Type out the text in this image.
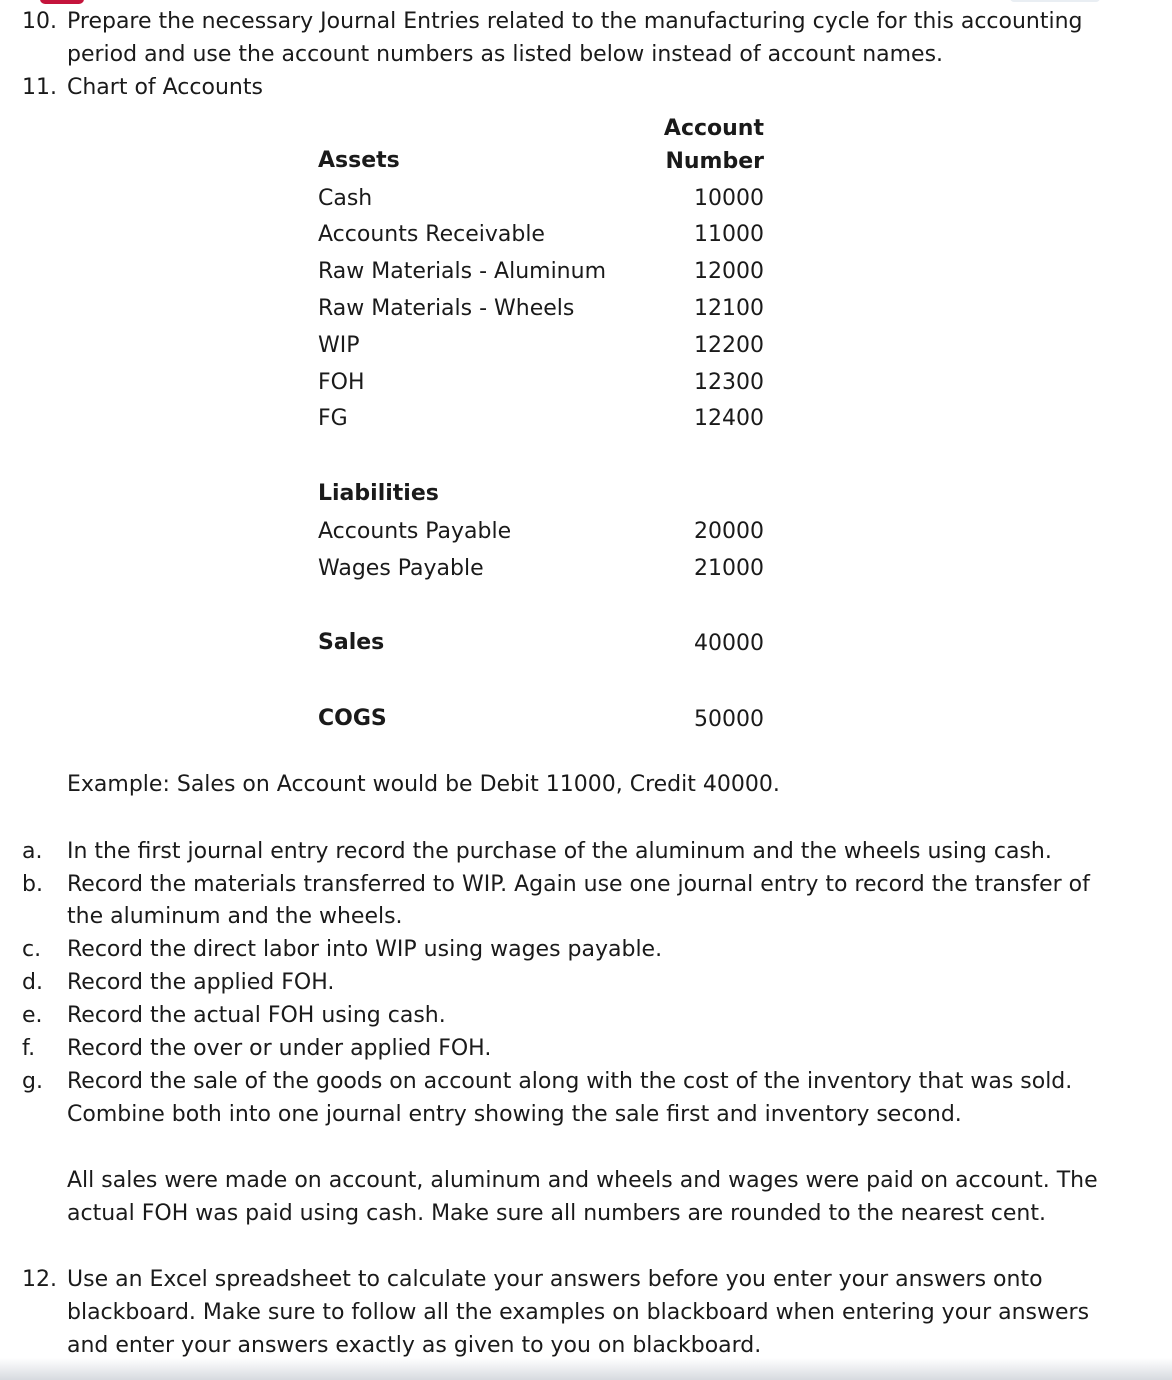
10. Prepare the necessary Journal Entries related to the manufacturing cycle for this accounting
period and use the account numbers as listed below instead of account names.
11. Chart of Accounts
Account
Number
Assets
Cash	10000
Accounts Receivable	11000
Raw Materials - Aluminum	12000
Raw Materials - Wheels	12100
WIP	12200
FOH	12300
FG	12400
Liabilities
Accounts Payable	20000
Wages Payable	21000
Sales	40000
COGS	50000
Example: Sales on Account would be Debit 11000, Credit 40000.
a. In the first journal entry record the purchase of the aluminum and the wheels using cash.
b. Record the materials transferred to WIP. Again use one journal entry to record the transfer of
the aluminum and the wheels.
c. Record the direct labor into WIP using wages payable.
d. Record the applied FOH.
e. Record the actual FOH using cash.
f. Record the over or under applied FOH.
g. Record the sale of the goods on account along with the cost of the inventory that was sold.
Combine both into one journal entry showing the sale first and inventory second.
All sales were made on account, aluminum and wheels and wages were paid on account. The
actual FOH was paid using cash. Make sure all numbers are rounded to the nearest cent.
12. Use an Excel spreadsheet to calculate your answers before you enter your answers onto
blackboard. Make sure to follow all the examples on blackboard when entering your answers
and enter your answers exactly as given to you on blackboard.
